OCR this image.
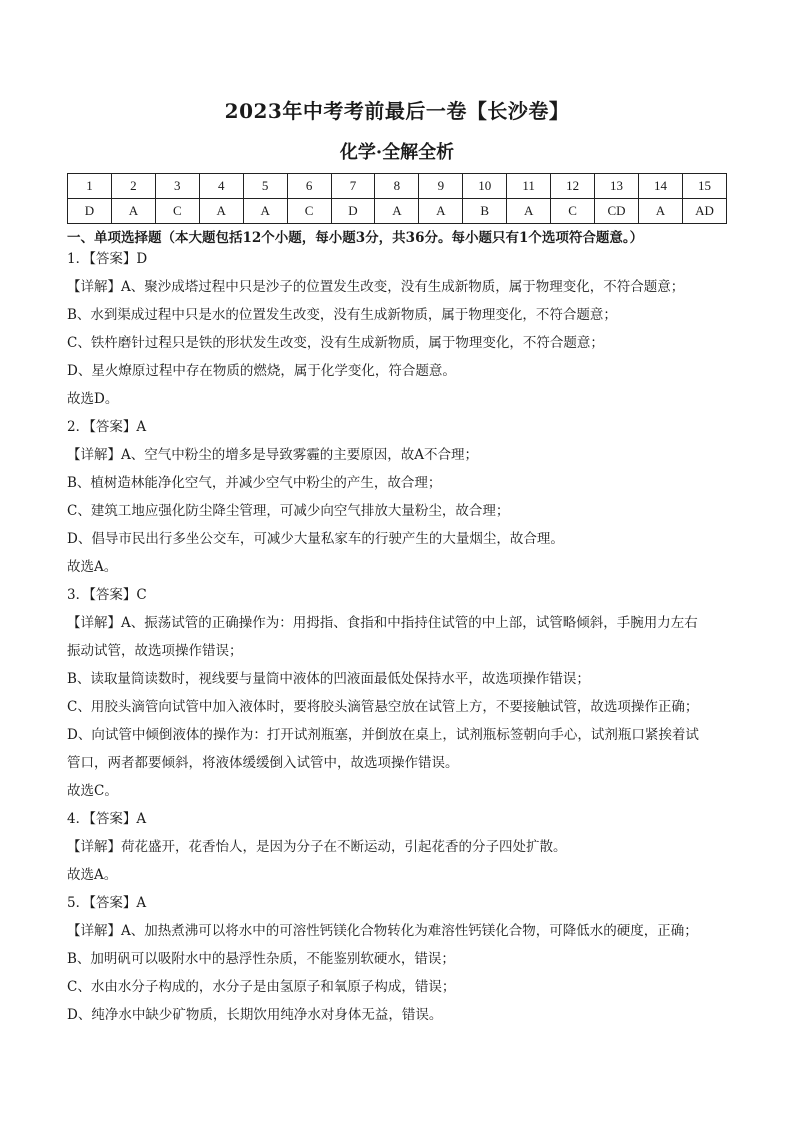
2023年中考考前最后一卷【长沙卷】
化学·全解全析
1	2	3	4	5	6	7	8	9	10	11	12	13	14	15
D	A	C	A	A	C	D	A	A	B	A	C	CD	A	AD
一、单项选择题（本大题包括12个小题，每小题3分，共36分。每小题只有1个选项符合题意。）
1．【答案】D
【详解】A、聚沙成塔过程中只是沙子的位置发生改变，没有生成新物质，属于物理变化，不符合题意；
B、水到渠成过程中只是水的位置发生改变，没有生成新物质，属于物理变化，不符合题意；
C、铁杵磨针过程只是铁的形状发生改变，没有生成新物质，属于物理变化，不符合题意；
D、星火燎原过程中存在物质的燃烧，属于化学变化，符合题意。
故选D。
2．【答案】A
【详解】A、空气中粉尘的增多是导致雾霾的主要原因，故A不合理；
B、植树造林能净化空气，并减少空气中粉尘的产生，故合理；
C、建筑工地应强化防尘降尘管理，可减少向空气排放大量粉尘，故合理；
D、倡导市民出行多坐公交车，可减少大量私家车的行驶产生的大量烟尘，故合理。
故选A。
3．【答案】C
【详解】A、振荡试管的正确操作为：用拇指、食指和中指持住试管的中上部，试管略倾斜，手腕用力左右
振动试管，故选项操作错误；
B、读取量筒读数时，视线要与量筒中液体的凹液面最低处保持水平，故选项操作错误；
C、用胶头滴管向试管中加入液体时，要将胶头滴管悬空放在试管上方，不要接触试管，故选项操作正确；
D、向试管中倾倒液体的操作为：打开试剂瓶塞，并倒放在桌上，试剂瓶标签朝向手心，试剂瓶口紧挨着试
管口，两者都要倾斜，将液体缓缓倒入试管中，故选项操作错误。
故选C。
4．【答案】A
【详解】荷花盛开，花香怡人，是因为分子在不断运动，引起花香的分子四处扩散。
故选A。
5．【答案】A
【详解】A、加热煮沸可以将水中的可溶性钙镁化合物转化为难溶性钙镁化合物，可降低水的硬度，正确；
B、加明矾可以吸附水中的悬浮性杂质，不能鉴别软硬水，错误；
C、水由水分子构成的，水分子是由氢原子和氧原子构成，错误；
D、纯净水中缺少矿物质，长期饮用纯净水对身体无益，错误。
